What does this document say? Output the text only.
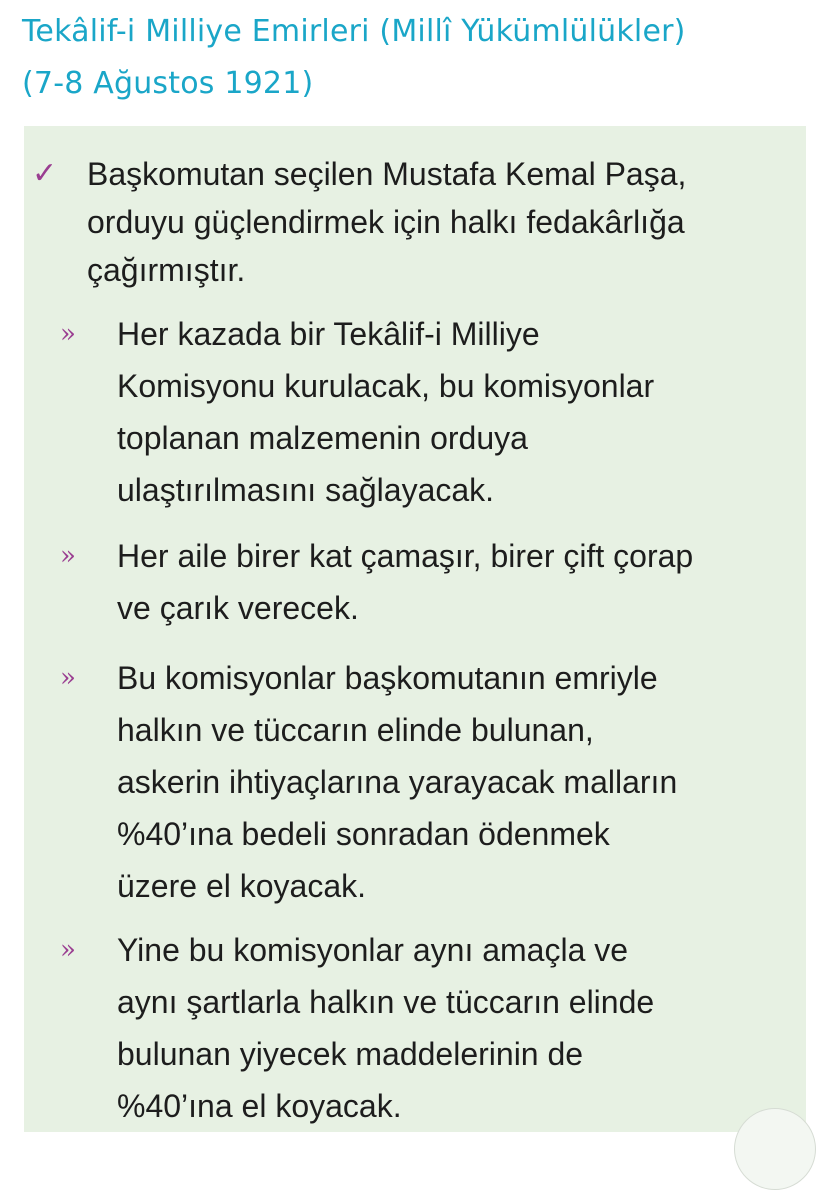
Tekâlif-i Milliye Emirleri (Millî Yükümlülükler)
(7-8 Ağustos 1921)
✓ Başkomutan seçilen Mustafa Kemal Paşa,
orduyu güçlendirmek için halkı fedakârlığa
çağırmıştır.
» Her kazada bir Tekâlif-i Milliye
Komisyonu kurulacak, bu komisyonlar
toplanan malzemenin orduya
ulaştırılmasını sağlayacak.
» Her aile birer kat çamaşır, birer çift çorap
ve çarık verecek.
» Bu komisyonlar başkomutanın emriyle
halkın ve tüccarın elinde bulunan,
askerin ihtiyaçlarına yarayacak malların
%40’ına bedeli sonradan ödenmek
üzere el koyacak.
» Yine bu komisyonlar aynı amaçla ve
aynı şartlarla halkın ve tüccarın elinde
bulunan yiyecek maddelerinin de
%40’ına el koyacak.
